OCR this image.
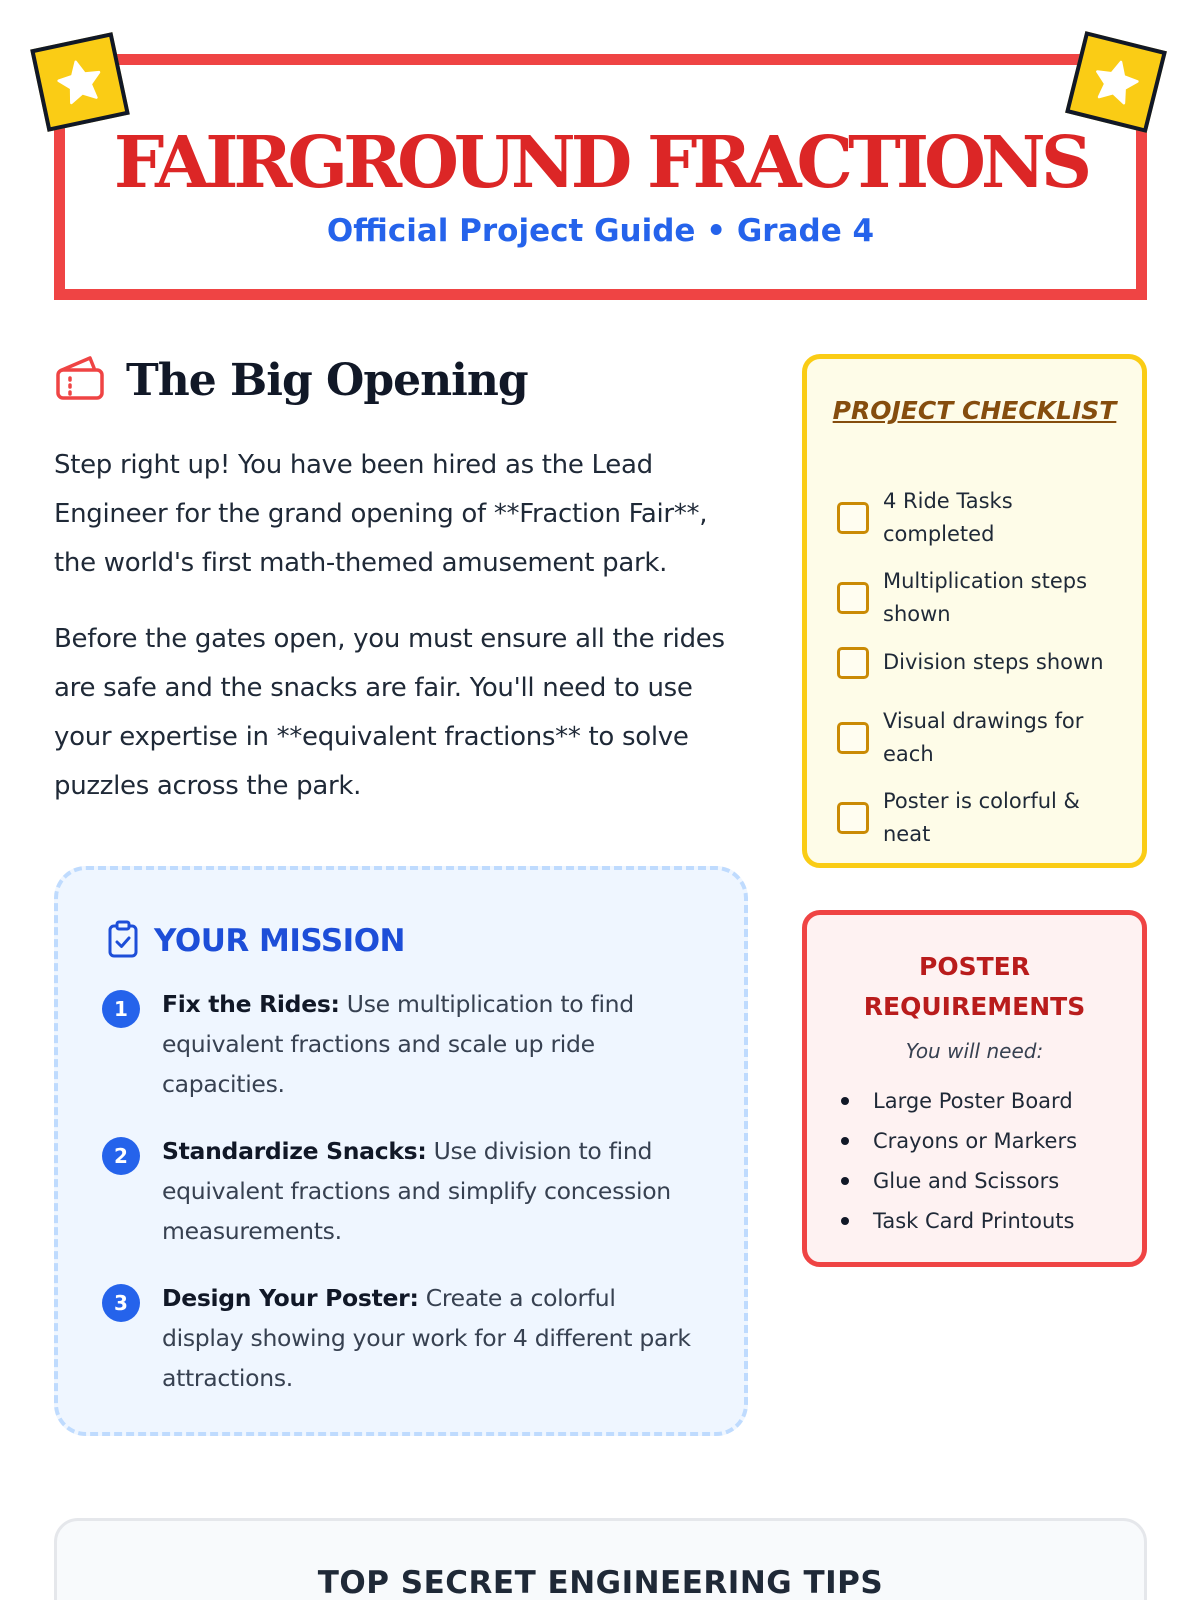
FAIRGROUND FRACTIONS
Official Project Guide • Grade 4
The Big Opening

Step right up! You have been hired as the Lead Engineer for the grand opening of **Fraction Fair**, the world's first math-themed amusement park.

Before the gates open, you must ensure all the rides are safe and the snacks are fair. You'll need to use your expertise in **equivalent fractions** to solve puzzles across the park.

YOUR MISSION
1	Fix the Rides: Use multiplication to find equivalent fractions and scale up ride capacities.
2	Standardize Snacks: Use division to find equivalent fractions and simplify concession measurements.
3	Design Your Poster: Create a colorful display showing your work for 4 different park attractions.
PROJECT CHECKLIST
4 Ride Tasks completed
Multiplication steps shown
Division steps shown
Visual drawings for each
Poster is colorful & neat
POSTER REQUIREMENTS
You will need:
Large Poster Board
Crayons or Markers
Glue and Scissors
Task Card Printouts
TOP SECRET ENGINEERING TIPS
